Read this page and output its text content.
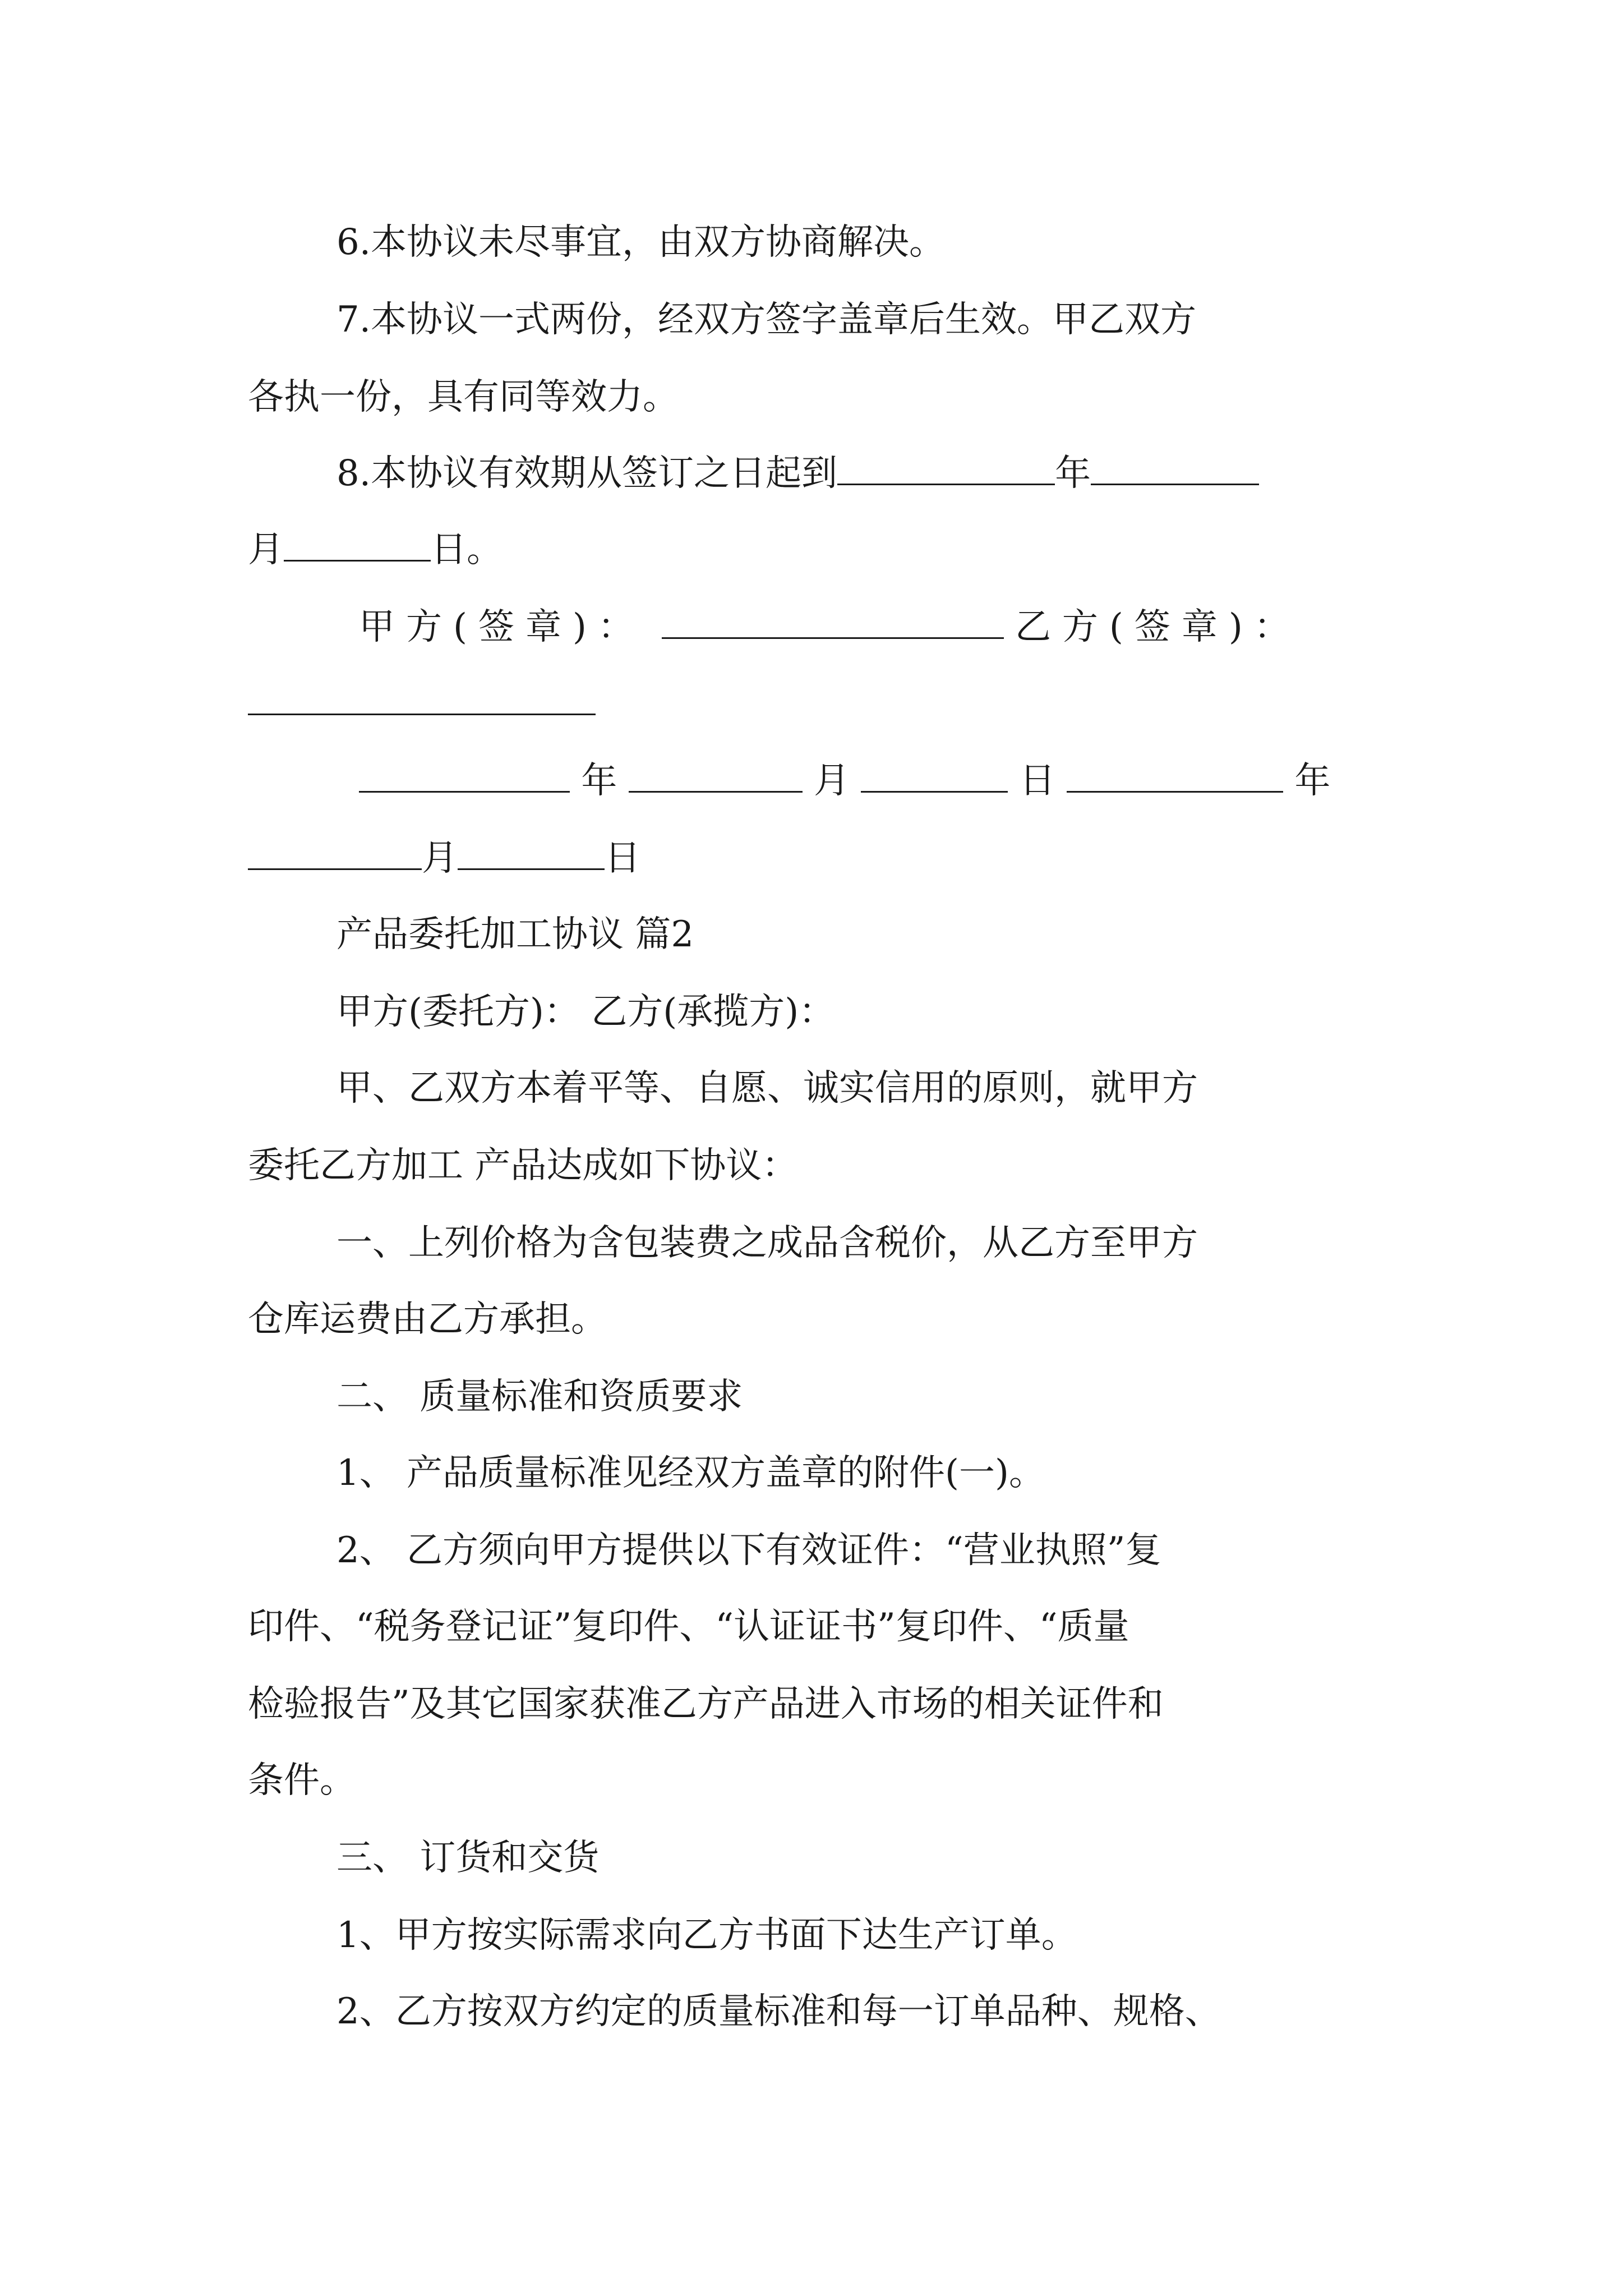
6.本协议未尽事宜，由双方协商解决。
7.本协议一式两份，经双方签字盖章后生效。甲乙双方
各执一份，具有同等效力。
8.本协议有效期从签订之日起到	年
月	日。
甲方(签章)：	乙方(签章)：
年	月	日	年
月	日
产品委托加工协议 篇2
甲方(委托方)： 乙方(承揽方)：
甲、乙双方本着平等、自愿、诚实信用的原则，就甲方
委托乙方加工 产品达成如下协议：
一、上列价格为含包装费之成品含税价，从乙方至甲方
仓库运费由乙方承担。
二、 质量标准和资质要求
1、 产品质量标准见经双方盖章的附件(一)。
2、 乙方须向甲方提供以下有效证件：“营业执照”复
印件、“税务登记证”复印件、“认证证书”复印件、“质量
检验报告”及其它国家获准乙方产品进入市场的相关证件和
条件。
三、 订货和交货
1、甲方按实际需求向乙方书面下达生产订单。
2、乙方按双方约定的质量标准和每一订单品种、规格、
